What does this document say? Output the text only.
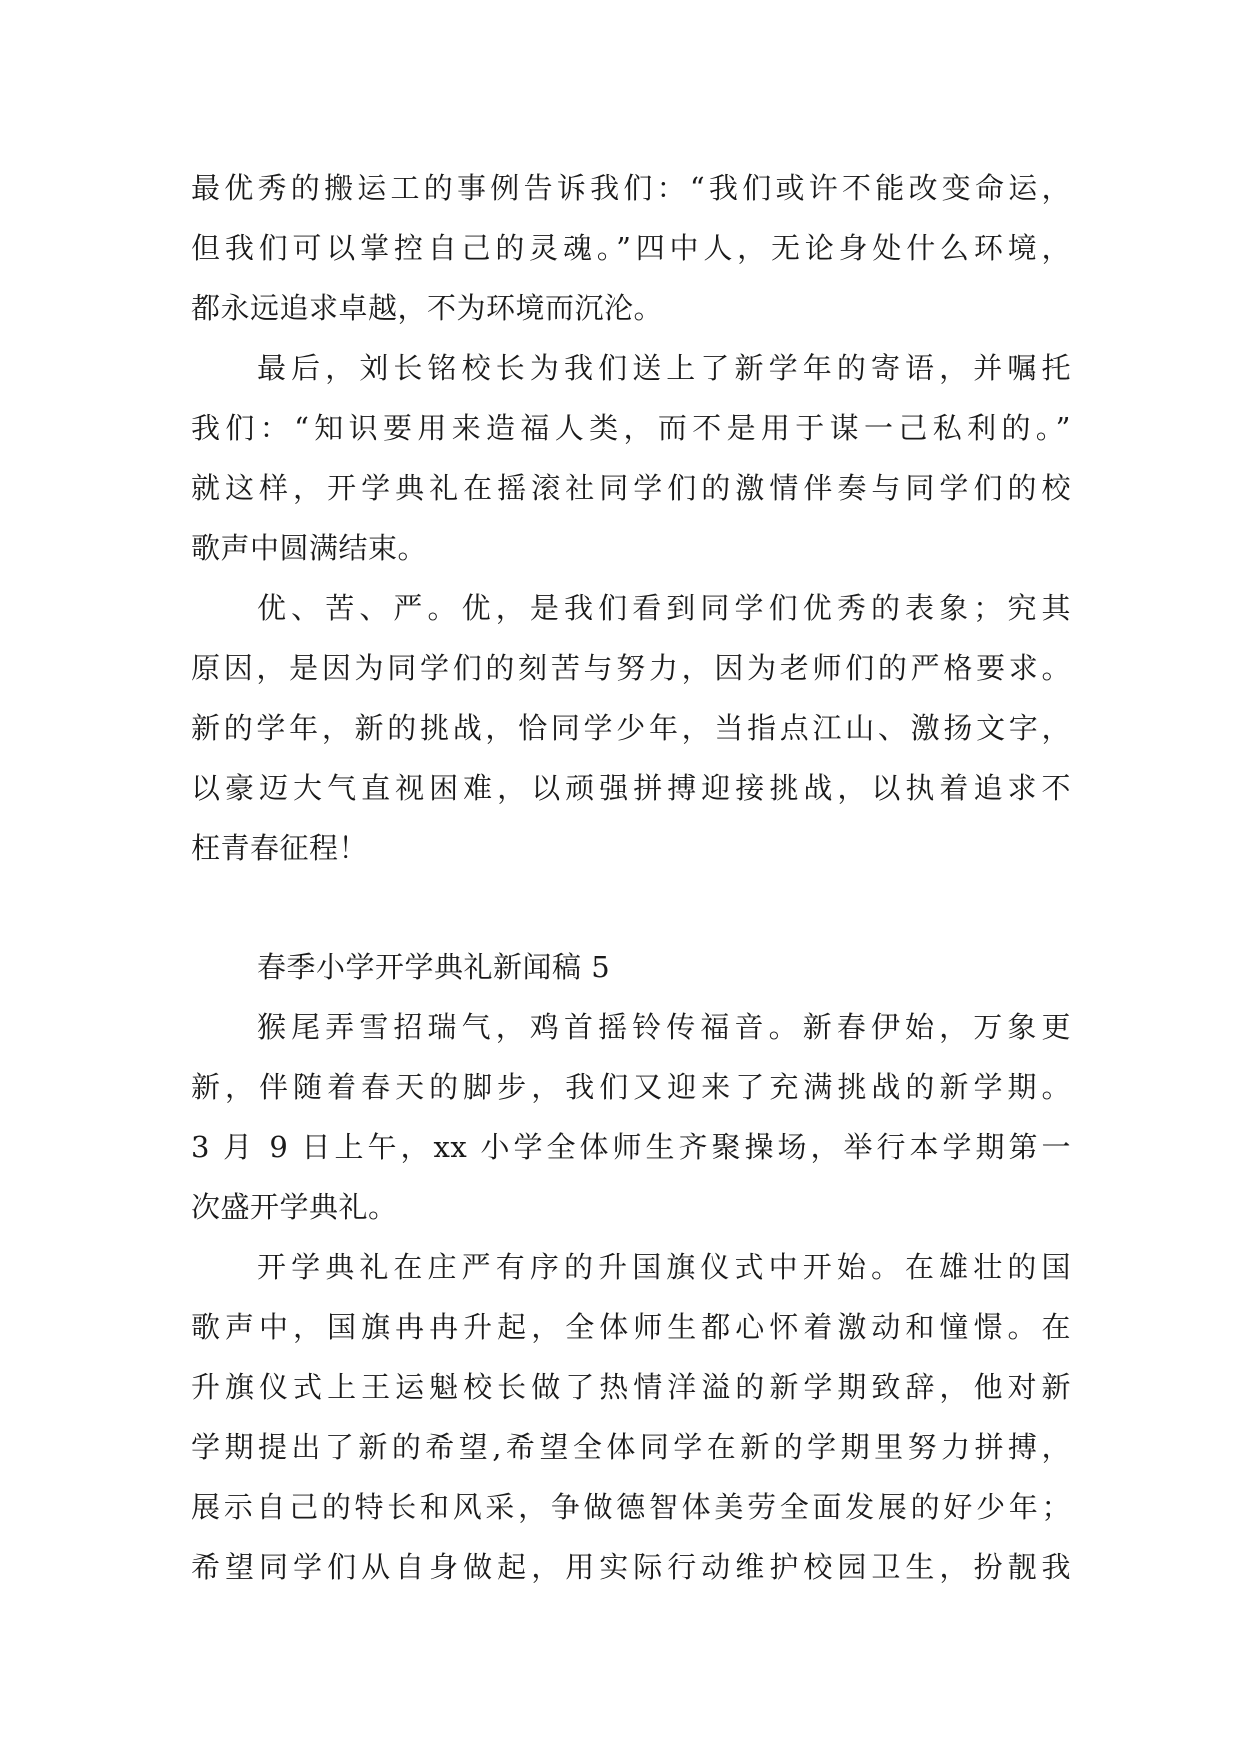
最优秀的搬运工的事例告诉我们：“我们或许不能改变命运，
但我们可以掌控自己的灵魂。”四中人，无论身处什么环境，
都永远追求卓越，不为环境而沉沦。
最后，刘长铭校长为我们送上了新学年的寄语，并嘱托
我们：“知识要用来造福人类，而不是用于谋一己私利的。”
就这样，开学典礼在摇滚社同学们的激情伴奏与同学们的校
歌声中圆满结束。
优、苦、严。优，是我们看到同学们优秀的表象；究其
原因，是因为同学们的刻苦与努力，因为老师们的严格要求。
新的学年，新的挑战，恰同学少年，当指点江山、激扬文字，
以豪迈大气直视困难，以顽强拼搏迎接挑战，以执着追求不
枉青春征程！
春季小学开学典礼新闻稿 5
猴尾弄雪招瑞气，鸡首摇铃传福音。新春伊始，万象更
新，伴随着春天的脚步，我们又迎来了充满挑战的新学期。
3 月 9 日上午，xx 小学全体师生齐聚操场，举行本学期第一
次盛开学典礼。
开学典礼在庄严有序的升国旗仪式中开始。在雄壮的国
歌声中，国旗冉冉升起，全体师生都心怀着激动和憧憬。在
升旗仪式上王运魁校长做了热情洋溢的新学期致辞，他对新
学期提出了新的希望,希望全体同学在新的学期里努力拼搏，
展示自己的特长和风采，争做德智体美劳全面发展的好少年；
希望同学们从自身做起，用实际行动维护校园卫生，扮靓我
